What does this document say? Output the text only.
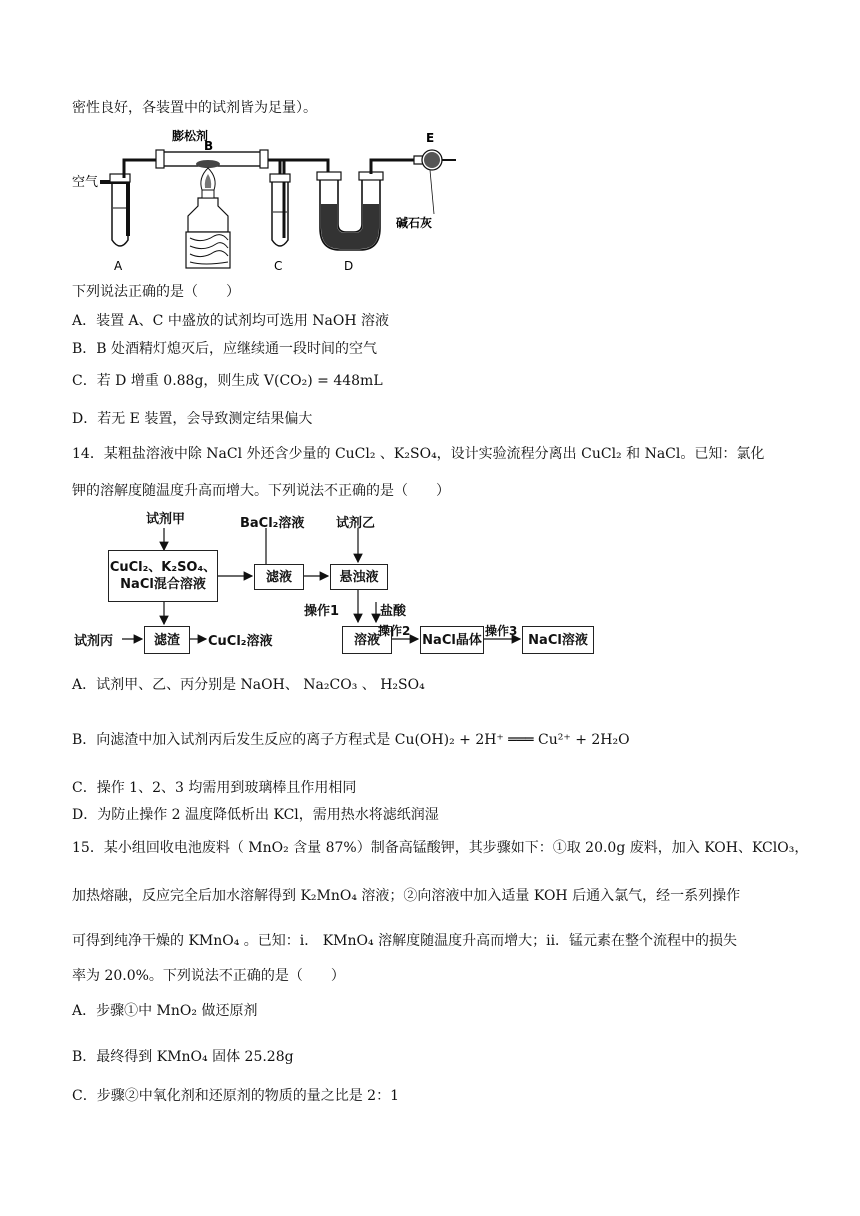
密性良好，各装置中的试剂皆为足量）。
空气
膨松剂
B
E
碱石灰
A	C	D
下列说法正确的是（　　）
A．装置 A、C 中盛放的试剂均可选用 NaOH 溶液
B．B 处酒精灯熄灭后，应继续通一段时间的空气
C．若 D 增重 0.88g，则生成 V(CO₂) = 448mL
D．若无 E 装置，会导致测定结果偏大
14．某粗盐溶液中除 NaCl 外还含少量的 CuCl₂ 、K₂SO₄，设计实验流程分离出 CuCl₂ 和 NaCl。已知：氯化
钾的溶解度随温度升高而增大。下列说法不正确的是（　　）
试剂甲	BaCl₂溶液 试剂乙
CuCl₂、K₂SO₄、
NaCl混合溶液	滤液	悬浊液
操作1	盐酸
试剂丙	滤渣	CuCl₂溶液	溶液
操作2
NaCl晶体
操作3
NaCl溶液
A．试剂甲、乙、丙分别是 NaOH、 Na₂CO₃ 、 H₂SO₄
B．向滤渣中加入试剂丙后发生反应的离子方程式是 Cu(OH)₂ + 2H⁺ ═══ Cu²⁺ + 2H₂O
C．操作 1、2、3 均需用到玻璃棒且作用相同
D．为防止操作 2 温度降低析出 KCl，需用热水将滤纸润湿
15．某小组回收电池废料（ MnO₂ 含量 87%）制备高锰酸钾，其步骤如下：①取 20.0g 废料，加入 KOH、KClO₃，
加热熔融，反应完全后加水溶解得到 K₂MnO₄ 溶液；②向溶液中加入适量 KOH 后通入氯气，经一系列操作
可得到纯净干燥的 KMnO₄ 。已知：ⅰ． KMnO₄ 溶解度随温度升高而增大；ⅱ．锰元素在整个流程中的损失
率为 20.0%。下列说法不正确的是（　　）
A．步骤①中 MnO₂ 做还原剂
B．最终得到 KMnO₄ 固体 25.28g
C．步骤②中氧化剂和还原剂的物质的量之比是 2：1
